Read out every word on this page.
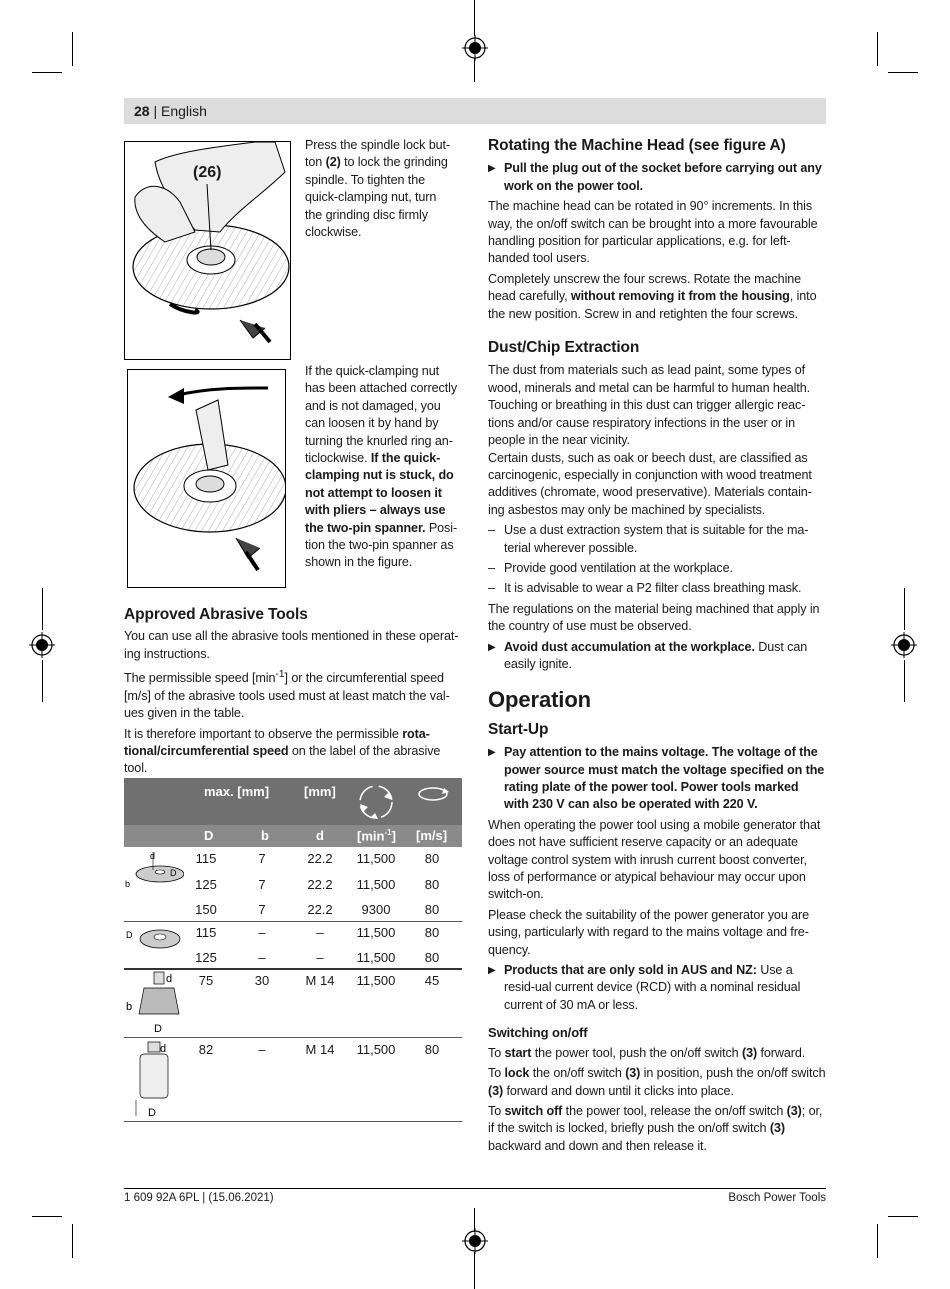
28 | English
(26)
Press the spindle lock but-
ton (2) to lock the grinding
spindle. To tighten the
quick-clamping nut, turn
the grinding disc firmly
clockwise.
If the quick-clamping nut
has been attached correctly
and is not damaged, you
can loosen it by hand by
turning the knurled ring an-
ticlockwise. If the quick-
clamping nut is stuck, do
not attempt to loosen it
with pliers – always use
the two-pin spanner. Posi-
tion the two-pin spanner as
shown in the figure.
Approved Abrasive Tools

You can use all the abrasive tools mentioned in these operat-ing instructions.

The permissible speed $[\min^{-1}]$ or the circumferential speed [m/s] of the abrasive tools used must at least match the val-ues given in the table.

It is therefore important to observe the permissible rota-tional/circumferential speed on the label of the abrasive tool.

max. [mm]	[mm]
D	b	d	$[\min^{-1}]$ [m/s]
115	7	22.2	11,500	80
125	7	22.2	11,500	80
150	7	22.2	9300	80
115	–	–	11,500	80
125	–	–	11,500	80
75	30	M 14	11,500	45
82	–	M 14	11,500	80
d
D
b
D
d
b
D
d
D
Rotating the Machine Head (see figure A)
▶ Pull the plug out of the socket before carrying out any work on the power tool.

The machine head can be rotated in 90° increments. In this way, the on/off switch can be brought into a more favourable handling position for particular applications, e.g. for left-handed tool users.

Completely unscrew the four screws. Rotate the machine head carefully, without removing it from the housing, into the new position. Screw in and retighten the four screws.

Dust/Chip Extraction

The dust from materials such as lead paint, some types of wood, minerals and metal can be harmful to human health. Touching or breathing in this dust can trigger allergic reac-tions and/or cause respiratory infections in the user or in people in the near vicinity.

Certain dusts, such as oak or beech dust, are classified as carcinogenic, especially in conjunction with wood treatment additives (chromate, wood preservative). Materials contain-ing asbestos may only be machined by specialists.

– Use a dust extraction system that is suitable for the ma-terial wherever possible.
– Provide good ventilation at the workplace.
– It is advisable to wear a P2 filter class breathing mask.

The regulations on the material being machined that apply in the country of use must be observed.

▶ Avoid dust accumulation at the workplace. Dust can easily ignite.
Operation
Start-Up
▶ Pay attention to the mains voltage. The voltage of the power source must match the voltage specified on the rating plate of the power tool. Power tools marked with 230 V can also be operated with 220 V.

When operating the power tool using a mobile generator that does not have sufficient reserve capacity or an adequate voltage control system with inrush current boost converter, loss of performance or atypical behaviour may occur upon switch-on.

Please check the suitability of the power generator you are using, particularly with regard to the mains voltage and fre-quency.

▶ Products that are only sold in AUS and NZ: Use a resid-ual current device (RCD) with a nominal residual current of 30 mA or less.
Switching on/off

To start the power tool, push the on/off switch (3) forward.

To lock the on/off switch (3) in position, push the on/off switch (3) forward and down until it clicks into place.

To switch off the power tool, release the on/off switch (3); or, if the switch is locked, briefly push the on/off switch (3) backward and down and then release it.

1 609 92A 6PL | (15.06.2021)	Bosch Power Tools
